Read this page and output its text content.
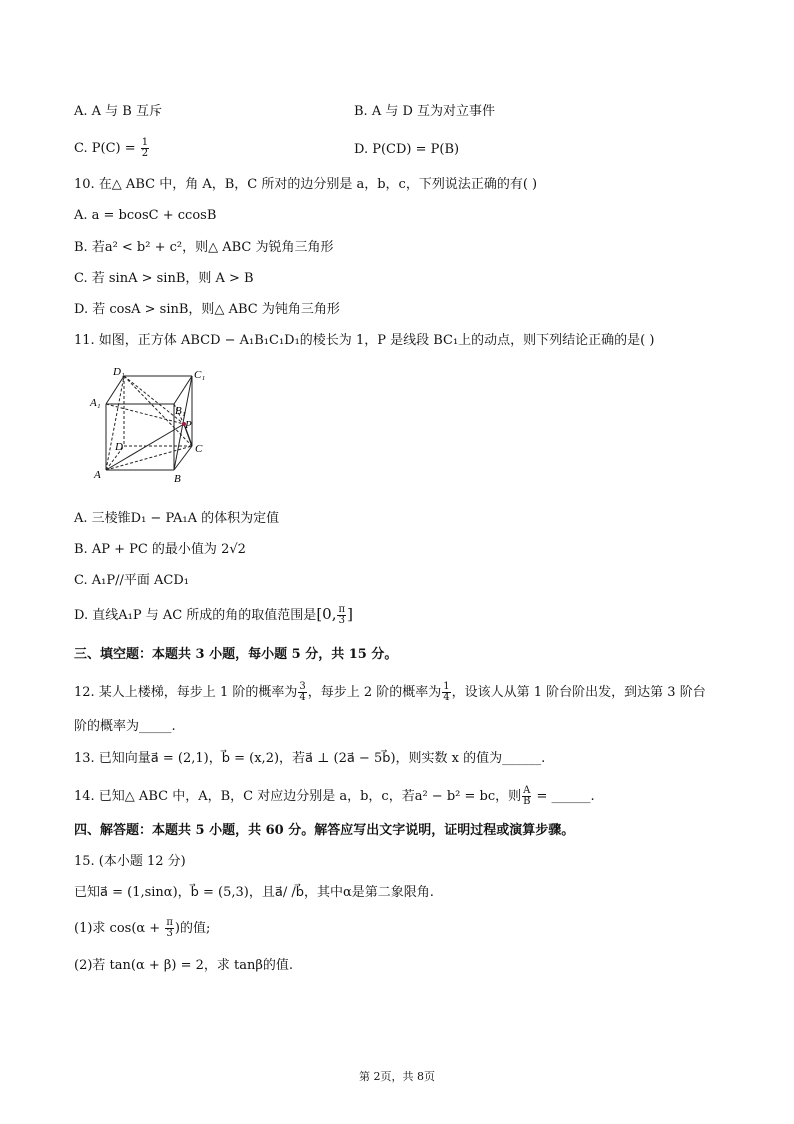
A. A 与 B 互斥	B. A 与 D 互为对立事件
C. $P(C) = \frac{1}{2}$	D. P(CD) = P(B)
10. 在△ ABC 中，角 A，B，C 所对的边分别是 a，b，c，下列说法正确的有( )
A. a = bcosC + ccosB
B. 若a² < b² + c²，则△ ABC 为锐角三角形
C. 若 sinA > sinB，则 A > B
D. 若 cosA > sinB，则△ ABC 为钝角三角形
11. 如图，正方体 ABCD − A₁B₁C₁D₁的棱长为 1，P 是线段 BC₁上的动点，则下列结论正确的是( )
D₁	C₁
A₁
B₁
P
D	C
A	B
A. 三棱锥D₁ − PA₁A 的体积为定值
B. AP + PC 的最小值为 2√2
C. A₁P//平面 ACD₁
D. 直线A₁P 与 AC 所成的角的取值范围是[0, $\frac{\pi}{3}$ ]
三、填空题：本题共 3 小题，每小题 5 分，共 15 分。
12. 某人上楼梯，每步上 1 阶的概率为 $\frac{3}{4}$ ，每步上 2 阶的概率为 $\frac{1}{4}$ ，设该人从第 1 阶台阶出发，到达第 3 阶台
阶的概率为_____.
13. 已知向量a⃗ = (2,1)，b⃗ = (x,2)，若a⃗ ⊥ (2a⃗ − 5b⃗)，则实数 x 的值为______.
14. 已知△ ABC 中，A，B，C 对应边分别是 a，b，c，若a² − b² = bc，则 $\frac{A}{B}$ = ______.
四、解答题：本题共 5 小题，共 60 分。解答应写出文字说明，证明过程或演算步骤。
15. (本小题 12 分)
已知a⃗ = (1,sinα)，b⃗ = (5,3)，且a⃗/ /b⃗，其中α是第二象限角.
(1)求 $\cos(\alpha + \frac{\pi}{3}$ )的值;
(2)若 tan(α + β) = 2，求 tanβ的值.
第 2页，共 8页
